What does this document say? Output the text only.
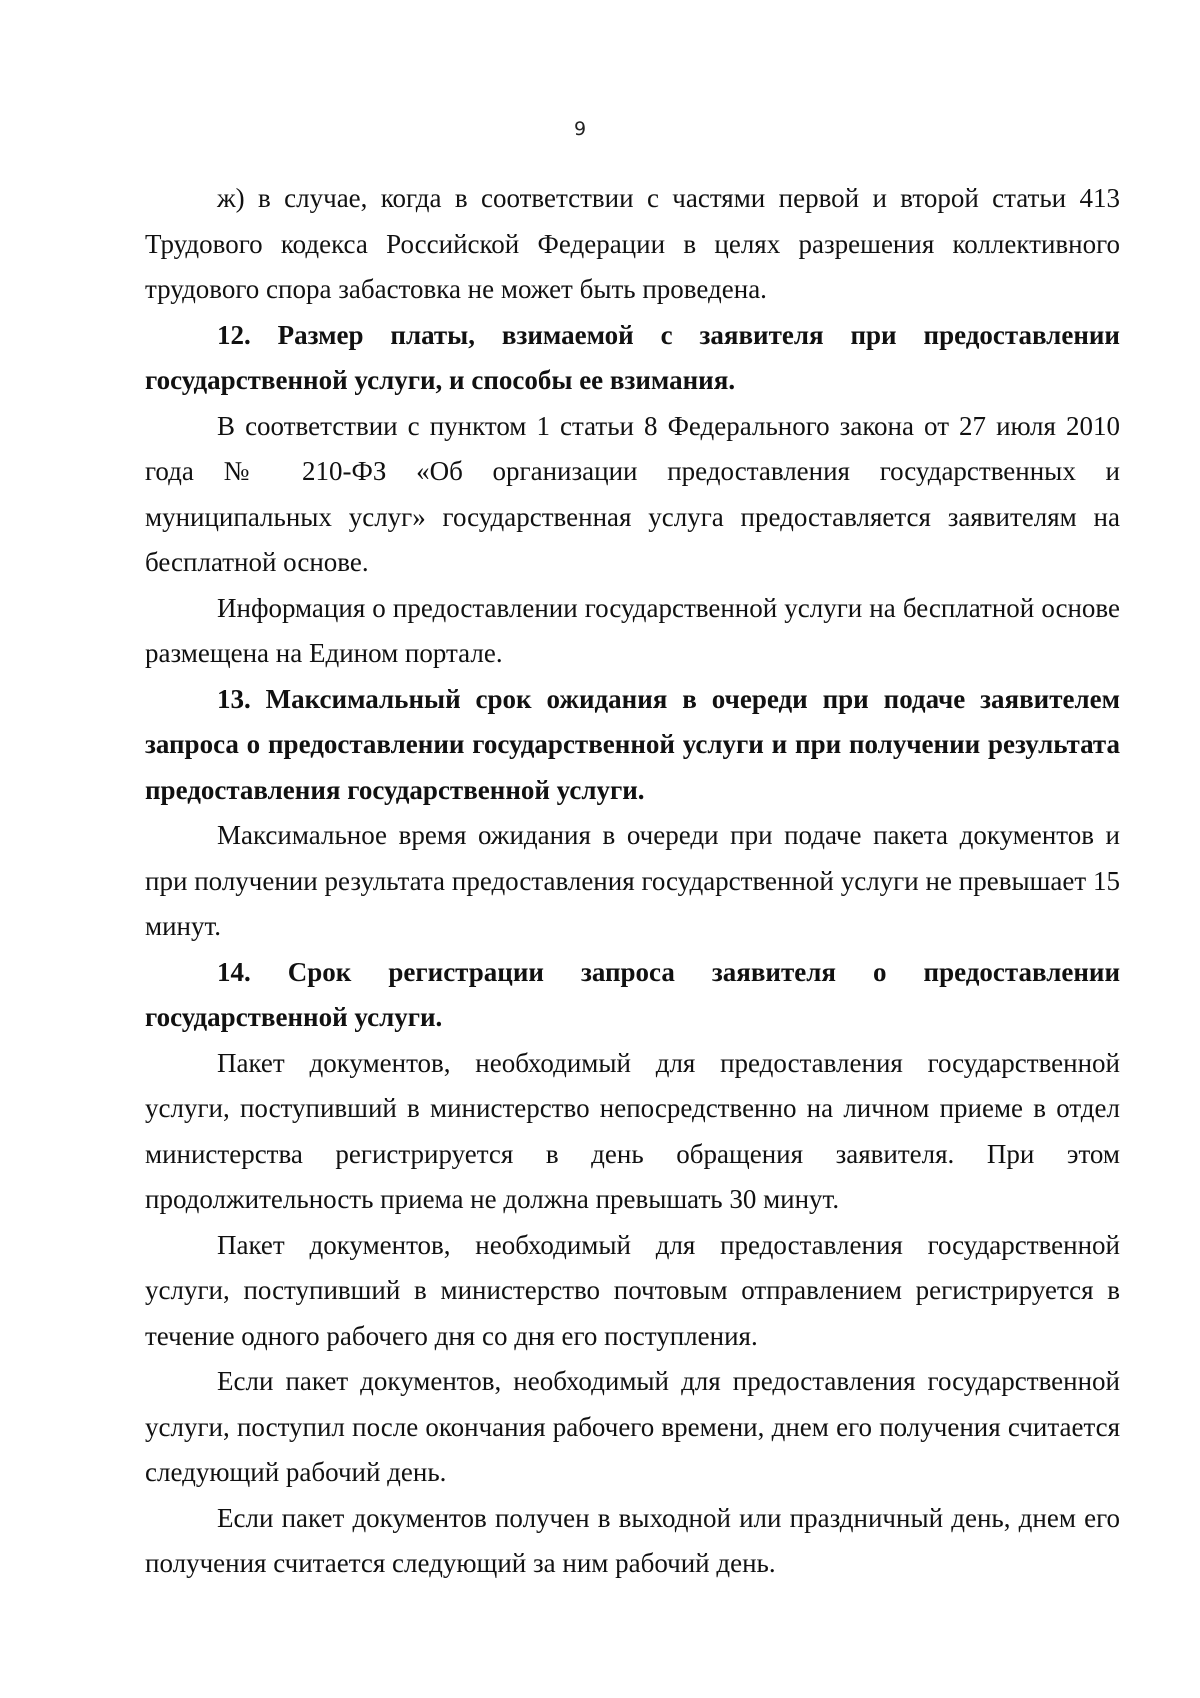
9

ж) в случае, когда в соответствии с частями первой и второй статьи 413 Трудового кодекса Российской Федерации в целях разрешения коллективного трудового спора забастовка не может быть проведена.

12. Размер платы, взимаемой с заявителя при предоставлении государственной услуги, и способы ее взимания.

В соответствии с пунктом 1 статьи 8 Федерального закона от 27 июля 2010 года № 210-ФЗ «Об организации предоставления государственных и муниципальных услуг» государственная услуга предоставляется заявителям на бесплатной основе.

Информация о предоставлении государственной услуги на бесплатной основе размещена на Едином портале.

13. Максимальный срок ожидания в очереди при подаче заявителем запроса о предоставлении государственной услуги и при получении результата предоставления государственной услуги.

Максимальное время ожидания в очереди при подаче пакета документов и при получении результата предоставления государственной услуги не превышает 15 минут.

14. Срок регистрации запроса заявителя о предоставлении государственной услуги.

Пакет документов, необходимый для предоставления государственной услуги, поступивший в министерство непосредственно на личном приеме в отдел министерства регистрируется в день обращения заявителя. При этом продолжительность приема не должна превышать 30 минут.

Пакет документов, необходимый для предоставления государственной услуги, поступивший в министерство почтовым отправлением регистрируется в течение одного рабочего дня со дня его поступления.

Если пакет документов, необходимый для предоставления государственной услуги, поступил после окончания рабочего времени, днем его получения считается следующий рабочий день.

Если пакет документов получен в выходной или праздничный день, днем его получения считается следующий за ним рабочий день.
